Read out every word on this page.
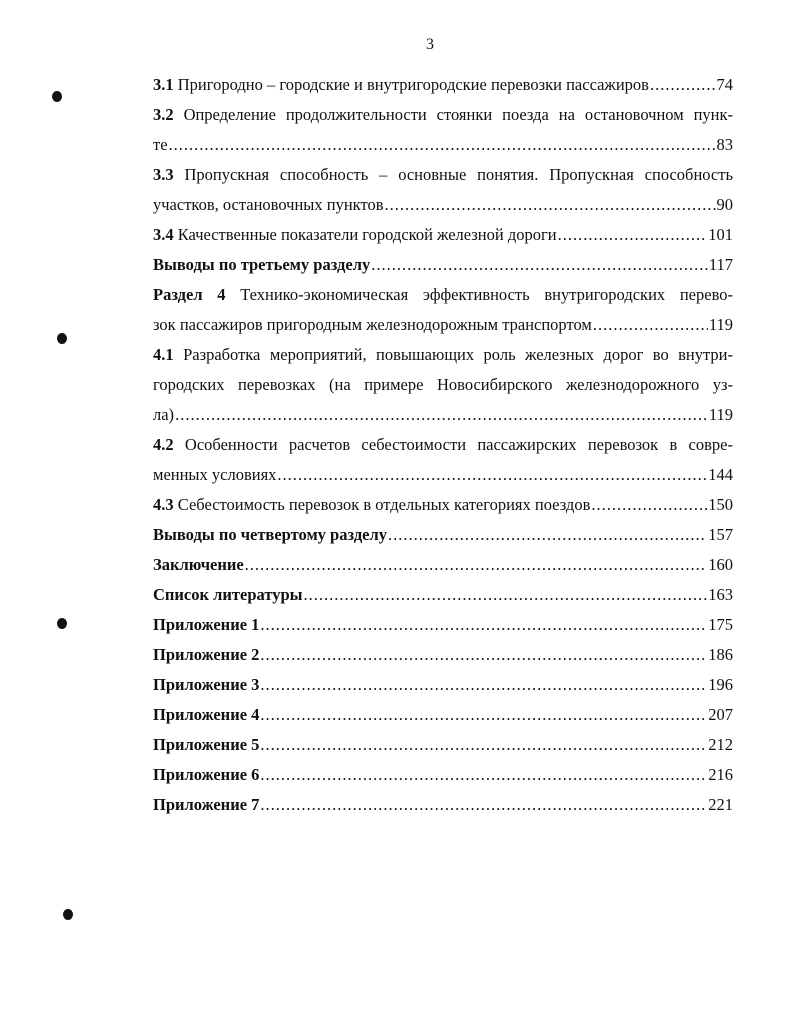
3
3.1 Пригородно – городские и внутригородские перевозки пассажиров .....	74
3.2 Определение продолжительности стоянки поезда на остановочном пунк-
те .....	83
3.3 Пропускная способность – основные понятия. Пропускная способность
участков, остановочных пунктов .....	90
3.4 Качественные показатели городской железной дороги .....	101
Выводы по третьему разделу .....	117
Раздел 4 Технико-экономическая эффективность внутригородских перево-
зок пассажиров пригородным железнодорожным транспортом .....	119
4.1 Разработка мероприятий, повышающих роль железных дорог во внутри-
городских перевозках (на примере Новосибирского железнодорожного уз-
ла) .....	119
4.2 Особенности расчетов себестоимости пассажирских перевозок в совре-
менных условиях .....	144
4.3 Себестоимость перевозок в отдельных категориях поездов .....	150
Выводы по четвертому разделу .....	157
Заключение .....	160
Список литературы .....	163
Приложение 1 .....	175
Приложение 2 .....	186
Приложение 3 .....	196
Приложение 4 .....	207
Приложение 5 .....	212
Приложение 6 .....	216
Приложение 7 .....	221
